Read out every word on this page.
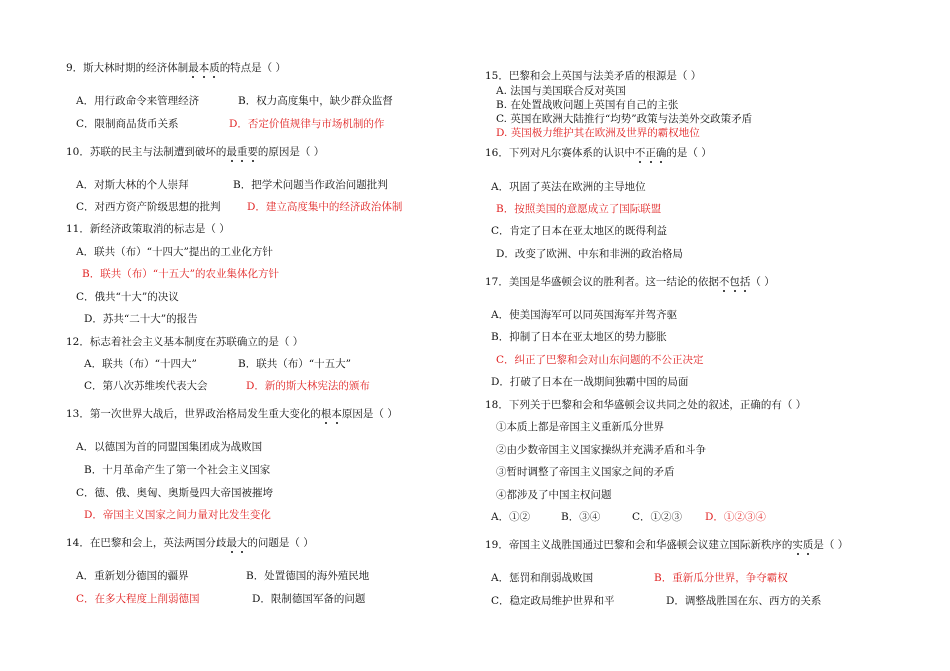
9．斯大林时期的经济体制最本质的特点是（ ）
A．用行政命令来管理经济	B．权力高度集中，缺少群众监督
C．限制商品货币关系	D．否定价值规律与市场机制的作
10．苏联的民主与法制遭到破坏的最重要的原因是（ ）
A．对斯大林的个人崇拜	B．把学术问题当作政治问题批判
C．对西方资产阶级思想的批判	D．建立高度集中的经济政治体制
11．新经济政策取消的标志是（ ）
A．联共（布）“十四大”提出的工业化方针
B．联共（布）“十五大”的农业集体化方针
C．俄共“十大”的决议
D．苏共“二十大”的报告
12．标志着社会主义基本制度在苏联确立的是（ ）
A．联共（布）“十四大”	B．联共（布）“十五大”
C．第八次苏维埃代表大会	D．新的斯大林宪法的颁布
13．第一次世界大战后，世界政治格局发生重大变化的根本原因是（ ）
A．以德国为首的同盟国集团成为战败国
B．十月革命产生了第一个社会主义国家
C．德、俄、奥匈、奥斯曼四大帝国被摧垮
D．帝国主义国家之间力量对比发生变化
14．在巴黎和会上，英法两国分歧最大的问题是（ ）
A．重新划分德国的疆界	B．处置德国的海外殖民地
C．在多大程度上削弱德国	D．限制德国军备的问题
15．巴黎和会上英国与法美矛盾的根源是（ ）
A. 法国与美国联合反对英国
B. 在处置战败问题上英国有自己的主张
C. 英国在欧洲大陆推行“均势”政策与法美外交政策矛盾
D. 英国极力维护其在欧洲及世界的霸权地位
16．下列对凡尔赛体系的认识中不正确的是（ ）
A．巩固了英法在欧洲的主导地位
B．按照美国的意愿成立了国际联盟
C．肯定了日本在亚太地区的既得利益
D．改变了欧洲、中东和非洲的政治格局
17．美国是华盛顿会议的胜利者。这一结论的依据不包括（ ）
A．使美国海军可以同英国海军并驾齐驱
B．抑制了日本在亚太地区的势力膨胀
C．纠正了巴黎和会对山东问题的不公正决定
D．打破了日本在一战期间独霸中国的局面
18．下列关于巴黎和会和华盛顿会议共同之处的叙述，正确的有（ ）
①本质上都是帝国主义重新瓜分世界
②由少数帝国主义国家操纵并充满矛盾和斗争
③暂时调整了帝国主义国家之间的矛盾
④都涉及了中国主权问题
A．①②	B．③④	C．①②③ D．①②③④
19．帝国主义战胜国通过巴黎和会和华盛顿会议建立国际新秩序的实质是（ ）
A．惩罚和削弱战败国	B．重新瓜分世界，争夺霸权
C．稳定政局维护世界和平	D．调整战胜国在东、西方的关系
